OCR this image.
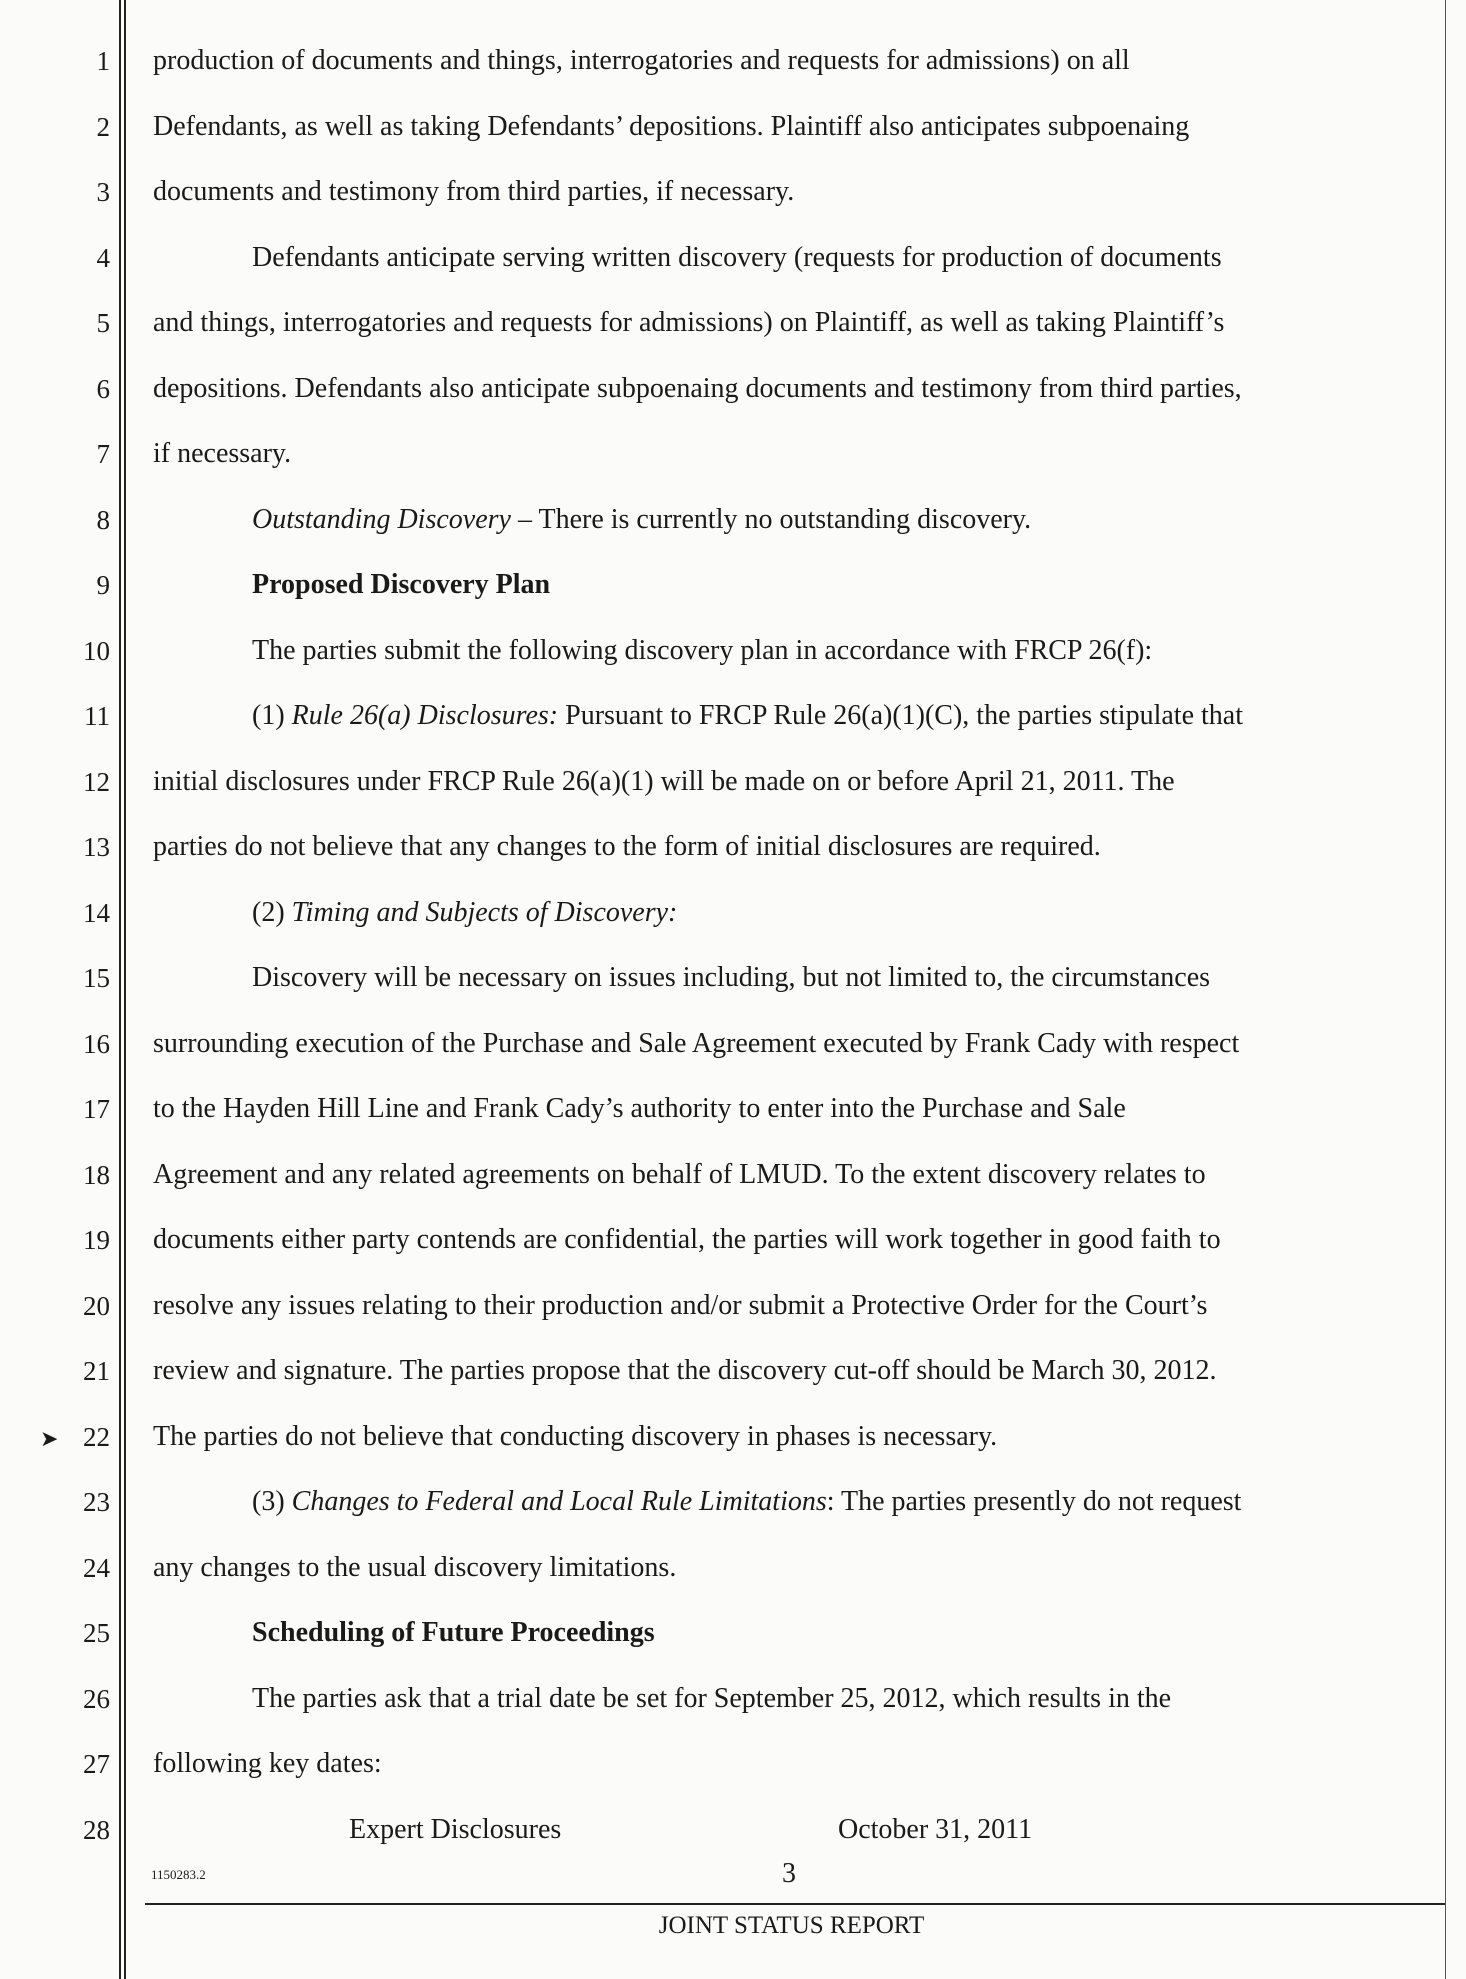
1
2
3
4
5
6
7
8
9
10
11
12
13
14
15
16
17
18
19
20
21
22
23
24
25
26
27
28
➤
production of documents and things, interrogatories and requests for admissions) on all
Defendants, as well as taking Defendants’ depositions. Plaintiff also anticipates subpoenaing
documents and testimony from third parties, if necessary.
Defendants anticipate serving written discovery (requests for production of documents
and things, interrogatories and requests for admissions) on Plaintiff, as well as taking Plaintiff’s
depositions. Defendants also anticipate subpoenaing documents and testimony from third parties,
if necessary.
Outstanding Discovery – There is currently no outstanding discovery.
Proposed Discovery Plan
The parties submit the following discovery plan in accordance with FRCP 26(f):
(1) Rule 26(a) Disclosures: Pursuant to FRCP Rule 26(a)(1)(C), the parties stipulate that
initial disclosures under FRCP Rule 26(a)(1) will be made on or before April 21, 2011. The
parties do not believe that any changes to the form of initial disclosures are required.
(2) Timing and Subjects of Discovery:
Discovery will be necessary on issues including, but not limited to, the circumstances
surrounding execution of the Purchase and Sale Agreement executed by Frank Cady with respect
to the Hayden Hill Line and Frank Cady’s authority to enter into the Purchase and Sale
Agreement and any related agreements on behalf of LMUD. To the extent discovery relates to
documents either party contends are confidential, the parties will work together in good faith to
resolve any issues relating to their production and/or submit a Protective Order for the Court’s
review and signature. The parties propose that the discovery cut-off should be March 30, 2012.
The parties do not believe that conducting discovery in phases is necessary.
(3) Changes to Federal and Local Rule Limitations: The parties presently do not request
any changes to the usual discovery limitations.
Scheduling of Future Proceedings
The parties ask that a trial date be set for September 25, 2012, which results in the
following key dates:
Expert Disclosures	October 31, 2011
1150283.2	3
JOINT STATUS REPORT
